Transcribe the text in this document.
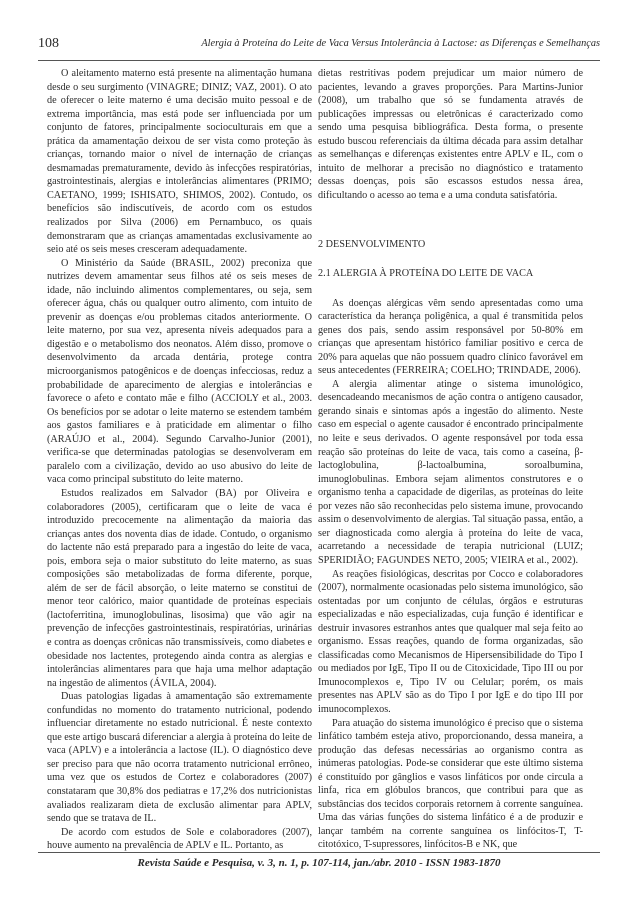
108	Alergia à Proteína do Leite de Vaca Versus Intolerância à Lactose: as Diferenças e Semelhanças

O aleitamento materno está presente na alimentação humana desde o seu surgimento (VINAGRE; DINIZ; VAZ, 2001). O ato de oferecer o leite materno é uma decisão muito pessoal e de extrema importância, mas está pode ser influenciada por um conjunto de fatores, principalmente socioculturais em que a prática da amamentação deixou de ser vista como proteção às crianças, tornando maior o nível de internação de crianças desmamadas prematuramente, devido às infecções respiratórias, gastrointestinais, alergias e intolerâncias alimentares (PRIMO; CAETANO, 1999; ISHISATO, SHIMOS, 2002). Contudo, os benefícios são indiscutíveis, de acordo com os estudos realizados por Silva (2006) em Pernambuco, os quais demonstraram que as crianças amamentadas exclusivamente ao seio até os seis meses cresceram adequadamente.

O Ministério da Saúde (BRASIL, 2002) preconiza que nutrizes devem amamentar seus filhos até os seis meses de idade, não incluindo alimentos complementares, ou seja, sem oferecer água, chás ou qualquer outro alimento, com intuito de prevenir as doenças e/ou problemas citados anteriormente. O leite materno, por sua vez, apresenta níveis adequados para a digestão e o metabolismo dos neonatos. Além disso, promove o desenvolvimento da arcada dentária, protege contra microorganismos patogênicos e de doenças infecciosas, reduz a probabilidade de aparecimento de alergias e intolerâncias e favorece o afeto e contato mãe e filho (ACCIOLY et al., 2003. Os benefícios por se adotar o leite materno se estendem também aos gastos familiares e à praticidade em alimentar o filho (ARAÚJO et al., 2004). Segundo Carvalho-Junior (2001), verifica-se que determinadas patologias se desenvolveram em paralelo com a civilização, devido ao uso abusivo do leite de vaca como principal substituto do leite materno.

Estudos realizados em Salvador (BA) por Oliveira e colaboradores (2005), certificaram que o leite de vaca é introduzido precocemente na alimentação da maioria das crianças antes dos noventa dias de idade. Contudo, o organismo do lactente não está preparado para a ingestão do leite de vaca, pois, embora seja o maior substituto do leite materno, as suas composições são metabolizadas de forma diferente, porque, além de ser de fácil absorção, o leite materno se constitui de menor teor calórico, maior quantidade de proteínas especiais (lactoferritina, imunoglobulinas, lisosima) que vão agir na prevenção de infecções gastrointestinais, respiratórias, urinárias e contra as doenças crônicas não transmissíveis, como diabetes e obesidade nos lactentes, protegendo ainda contra as alergias e intolerâncias alimentares para que haja uma melhor adaptação na ingestão de alimentos (ÁVILA, 2004).

Duas patologias ligadas à amamentação são extremamente confundidas no momento do tratamento nutricional, podendo influenciar diretamente no estado nutricional. É neste contexto que este artigo buscará diferenciar a alergia à proteína do leite de vaca (APLV) e a intolerância a lactose (IL). O diagnóstico deve ser preciso para que não ocorra tratamento nutricional errôneo, uma vez que os estudos de Cortez e colaboradores (2007) constataram que 30,8% dos pediatras e 17,2% dos nutricionistas avaliados realizaram dieta de exclusão alimentar para APLV, sendo que se tratava de IL.

De acordo com estudos de Sole e colaboradores (2007), houve aumento na prevalência de APLV e IL. Portanto, as

dietas restritivas podem prejudicar um maior número de pacientes, levando a graves proporções. Para Martins-Junior (2008), um trabalho que só se fundamenta através de publicações impressas ou eletrônicas é caracterizado como sendo uma pesquisa bibliográfica. Desta forma, o presente estudo buscou referenciais da última década para assim detalhar as semelhanças e diferenças existentes entre APLV e IL, com o intuito de melhorar a precisão no diagnóstico e tratamento dessas doenças, pois são escassos estudos nessa área, dificultando o acesso ao tema e a uma conduta satisfatória.

2 DESENVOLVIMENTO
2.1 ALERGIA À PROTEÍNA DO LEITE DE VACA

As doenças alérgicas vêm sendo apresentadas como uma característica da herança poligênica, a qual é transmitida pelos genes dos pais, sendo assim responsável por 50-80% em crianças que apresentam histórico familiar positivo e cerca de 20% para aquelas que não possuem quadro clínico favorável em seus antecedentes (FERREIRA; COELHO; TRINDADE, 2006).

A alergia alimentar atinge o sistema imunológico, desencadeando mecanismos de ação contra o antígeno causador, gerando sinais e sintomas após a ingestão do alimento. Neste caso em especial o agente causador é encontrado principalmente no leite e seus derivados. O agente responsável por toda essa reação são proteínas do leite de vaca, tais como a caseína, β-lactoglobulina, β-lactoalbumina, soroalbumina, imunoglobulinas. Embora sejam alimentos construtores e o organismo tenha a capacidade de digerilas, as proteínas do leite por vezes não são reconhecidas pelo sistema imune, provocando assim o desenvolvimento de alergias. Tal situação passa, então, a ser diagnosticada como alergia à proteína do leite de vaca, acarretando a necessidade de terapia nutricional (LUIZ; SPERIDIÃO; FAGUNDES NETO, 2005; VIEIRA et al., 2002).

As reações fisiológicas, descritas por Cocco e colaboradores (2007), normalmente ocasionadas pelo sistema imunológico, são ostentadas por um conjunto de células, órgãos e estruturas especializadas e não especializadas, cuja função é identificar e destruir invasores estranhos antes que qualquer mal seja feito ao organismo. Essas reações, quando de forma organizadas, são classificadas como Mecanismos de Hipersensibilidade do Tipo I ou mediados por IgE, Tipo II ou de Citoxicidade, Tipo III ou por Imunocomplexos e, Tipo IV ou Celular; porém, os mais presentes nas APLV são as do Tipo I por IgE e do tipo III por imunocomplexos.

Para atuação do sistema imunológico é preciso que o sistema linfático também esteja ativo, proporcionando, dessa maneira, a produção das defesas necessárias ao organismo contra as inúmeras patologias. Pode-se considerar que este último sistema é constituído por gânglios e vasos linfáticos por onde circula a linfa, rica em glóbulos brancos, que contribui para que as substâncias dos tecidos corporais retornem à corrente sanguínea. Uma das várias funções do sistema linfático é a de produzir e lançar também na corrente sanguínea os linfócitos-T, T-citotóxico, T-supressores, linfócitos-B e NK, que

Revista Saúde e Pesquisa, v. 3, n. 1, p. 107-114, jan./abr. 2010 - ISSN 1983-1870
